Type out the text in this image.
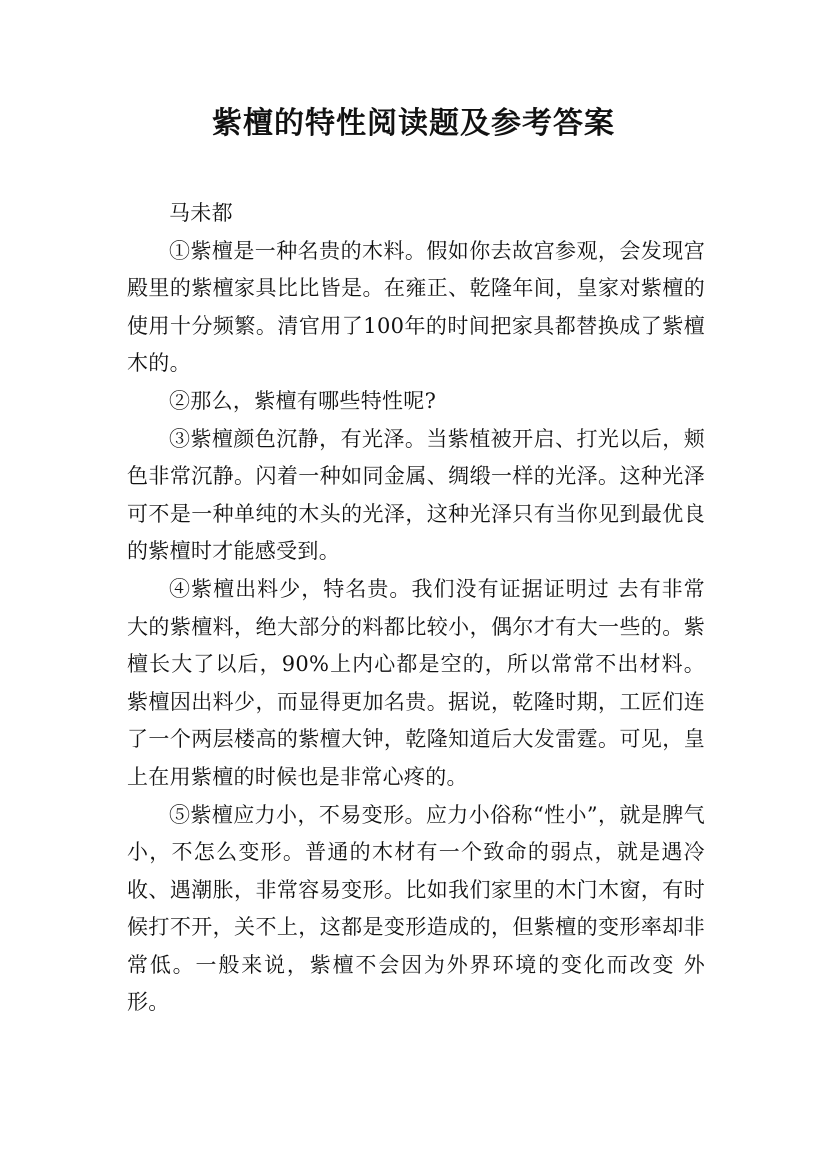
紫檀的特性阅读题及参考答案

马未都

①紫檀是一种名贵的木料。假如你去故宫参观，会发现宫殿里的紫檀家具比比皆是。在雍正、乾隆年间，皇家对紫檀的使用十分频繁。清官用了100年的时间把家具都替换成了紫檀木的。

②那么，紫檀有哪些特性呢?

③紫檀颜色沉静，有光泽。当紫植被开启、打光以后，颊色非常沉静。闪着一种如同金属、绸缎一样的光泽。这种光泽可不是一种单纯的木头的光泽，这种光泽只有当你见到最优良 的紫檀时才能感受到。

④紫檀出料少，特名贵。我们没有证据证明过 去有非常大的紫檀料，绝大部分的料都比较小，偶尔才有大一些的。紫檀长大了以后，90%上内心都是空的，所以常常不出材料。紫檀因出料少，而显得更加名贵。据说，乾隆时期，工匠们连了一个两层楼高的紫檀大钟，乾隆知道后大发雷霆。可见，皇上在用紫檀的时候也是非常心疼的。

⑤紫檀应力小，不易变形。应力小俗称“性小”，就是脾气小，不怎么变形。普通的木材有一个致命的弱点，就是遇冷收、遇潮胀，非常容易变形。比如我们家里的木门木窗，有时候打不开，关不上，这都是变形造成的，但紫檀的变形率却非常低。一般来说，紫檀不会因为外界环境的变化而改变 外形。
